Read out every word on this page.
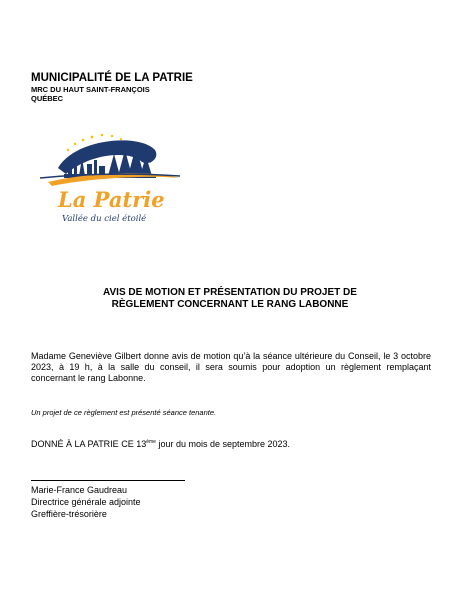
MUNICIPALITÉ DE LA PATRIE
MRC DU HAUT SAINT-FRANÇOIS
QUÉBEC
La Patrie
Vallée du ciel étoilé
AVIS DE MOTION ET PRÉSENTATION DU PROJET DE
RÈGLEMENT CONCERNANT LE RANG LABONNE
Madame Geneviève Gilbert donne avis de motion qu’à la séance ultérieure du Conseil, le 3 octobre 2023, à 19 h, à la salle du conseil, il sera soumis pour adoption un règlement remplaçant concernant le rang Labonne.
Un projet de ce règlement est présenté séance tenante.
DONNÉ À LA PATRIE CE 13ème jour du mois de septembre 2023.
Marie-France Gaudreau
Directrice générale adjointe
Greffière-trésorière
